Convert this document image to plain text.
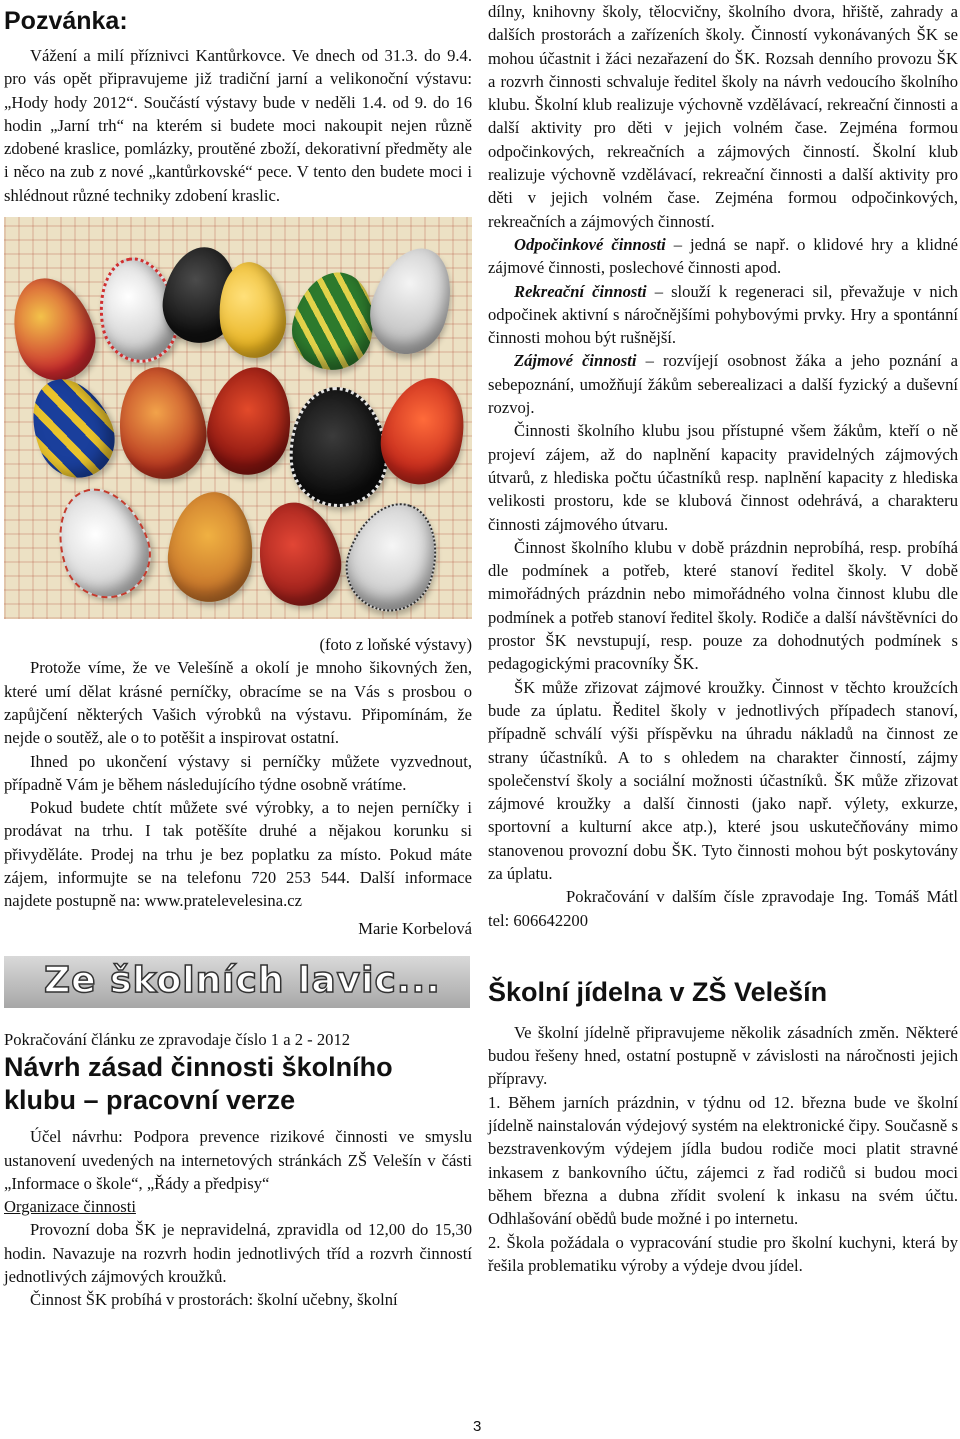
Pozvánka:

Vážení a milí příznivci Kantůrkovce. Ve dnech od 31.3. do 9.4. pro vás opět připravujeme již tradiční jarní a velikonoční výstavu: „Hody hody 2012“. Součástí výstavy bude v neděli 1.4. od 9. do 16 hodin „Jarní trh“ na kterém si budete moci nakoupit nejen různě zdobené kraslice, pomlázky, proutěné zboží, dekorativní předměty ale i něco na zub z nové „kantůrkovské“ pece. V tento den budete moci i shlédnout různé techniky zdobení kraslic.

(foto z loňské výstavy)

Protože víme, že ve Velešíně a okolí je mnoho šikovných žen, které umí dělat krásné perníčky, obracíme se na Vás s prosbou o zapůjčení některých Vašich výrobků na výstavu. Připomínám, že nejde o soutěž, ale o to potěšit a inspirovat ostatní.

Ihned po ukončení výstavy si perníčky můžete vyzvednout, případně Vám je během následujícího týdne osobně vrátíme.

Pokud budete chtít můžete své výrobky, a to nejen perníčky i prodávat na trhu. I tak potěšíte druhé a nějakou korunku si přivyděláte. Prodej na trhu je bez poplatku za místo. Pokud máte zájem, informujte se na telefonu 720 253 544. Další informace najdete postupně na: www.pratelevelesina.cz

Marie Korbelová

Ze školních lavic...

Pokračování článku ze zpravodaje číslo 1 a 2 - 2012

Návrh zásad činnosti školního klubu – pracovní verze

Účel návrhu: Podpora prevence rizikové činnosti ve smyslu ustanovení uvedených na internetových stránkách ZŠ Velešín v části „Informace o škole“, „Řády a předpisy“

Organizace činnosti

Provozní doba ŠK je nepravidelná, zpravidla od 12,00 do 15,30 hodin. Navazuje na rozvrh hodin jednotlivých tříd a rozvrh činností jednotlivých zájmových kroužků.

Činnost ŠK probíhá v prostorách: školní učebny, školní

dílny, knihovny školy, tělocvičny, školního dvora, hřiště, zahrady a dalších prostorách a zařízeních školy. Činností vykonávaných ŠK se mohou účastnit i žáci nezařazení do ŠK. Rozsah denního provozu ŠK a rozvrh činnosti schvaluje ředitel školy na návrh vedoucího školního klubu. Školní klub realizuje výchovně vzdělávací, rekreační činnosti a další aktivity pro děti v jejich volném čase. Zejména formou odpočinkových, rekreačních a zájmových činností. Školní klub realizuje výchovně vzdělávací, rekreační činnosti a další aktivity pro děti v jejich volném čase. Zejména formou odpočinkových, rekreačních a zájmových činností.

Odpočinkové činnosti – jedná se např. o klidové hry a klidné zájmové činnosti, poslechové činnosti apod.

Rekreační činnosti – slouží k regeneraci sil, převažuje v nich odpočinek aktivní s náročnějšími pohybovými prvky. Hry a spontánní činnosti mohou být rušnější.

Zájmové činnosti – rozvíjejí osobnost žáka a jeho poznání a sebepoznání, umožňují žákům seberealizaci a další fyzický a duševní rozvoj.

Činnosti školního klubu jsou přístupné všem žákům, kteří o ně projeví zájem, až do naplnění kapacity pravidelných zájmových útvarů, z hlediska počtu účastníků resp. naplnění kapacity z hlediska velikosti prostoru, kde se klubová činnost odehrává, a charakteru činnosti zájmového útvaru.

Činnost školního klubu v době prázdnin neprobíhá, resp. probíhá dle podmínek a potřeb, které stanoví ředitel školy. V době mimořádných prázdnin nebo mimořádného volna činnost klubu dle podmínek a potřeb stanoví ředitel školy. Rodiče a další návštěvníci do prostor ŠK nevstupují, resp. pouze za dohodnutých podmínek s pedagogickými pracovníky ŠK.

ŠK může zřizovat zájmové kroužky. Činnost v těchto kroužcích bude za úplatu. Ředitel školy v jednotlivých případech stanoví, případně schválí výši příspěvku na úhradu nákladů na činnost ze strany účastníků. A to s ohledem na charakter činností, zájmy společenství školy a sociální možnosti účastníků. ŠK může zřizovat zájmové kroužky a další činnosti (jako např. výlety, exkurze, sportovní a kulturní akce atp.), které jsou uskutečňovány mimo stanovenou provozní dobu ŠK. Tyto činnosti mohou být poskytovány za úplatu.

Pokračování v dalším čísle zpravodaje Ing. Tomáš Mátl tel: 606642200

Školní jídelna v ZŠ Velešín

Ve školní jídelně připravujeme několik zásadních změn. Některé budou řešeny hned, ostatní postupně v závislosti na náročnosti jejich přípravy.

1. Během jarních prázdnin, v týdnu od 12. března bude ve školní jídelně nainstalován výdejový systém na elektronické čipy. Současně s bezstravenkovým výdejem jídla budou rodiče moci platit stravné inkasem z bankovního účtu, zájemci z řad rodičů si budou moci během března a dubna zřídit svolení k inkasu na svém účtu. Odhlašování obědů bude možné i po internetu.

2. Škola požádala o vypracování studie pro školní kuchyni, která by řešila problematiku výroby a výdeje dvou jídel.

3
